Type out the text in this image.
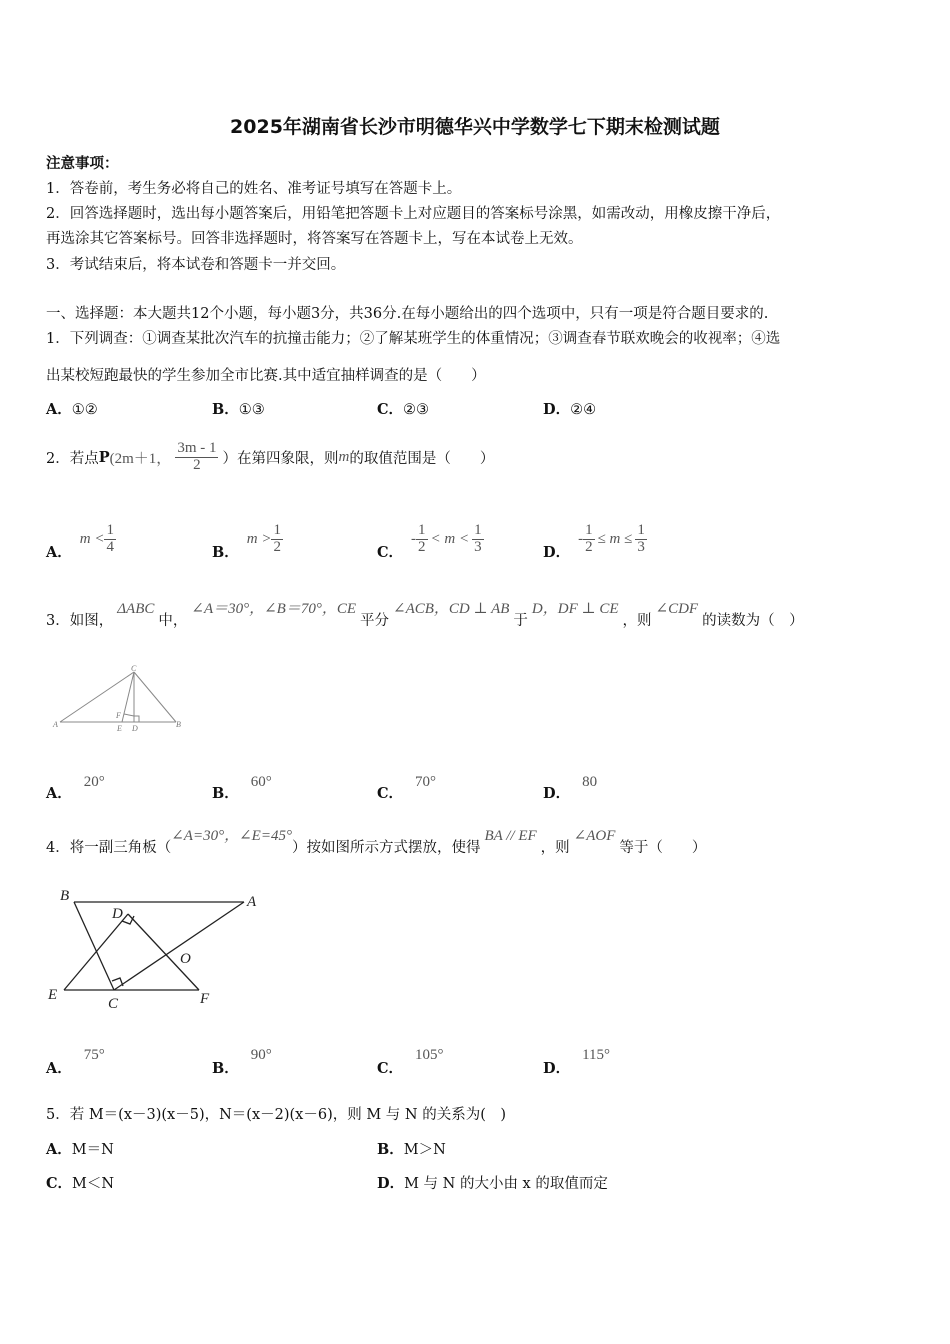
2025年湖南省长沙市明德华兴中学数学七下期末检测试题
注意事项：
1．答卷前，考生务必将自己的姓名、准考证号填写在答题卡上。
2．回答选择题时，选出每小题答案后，用铅笔把答题卡上对应题目的答案标号涂黑，如需改动，用橡皮擦干净后，
再选涂其它答案标号。回答非选择题时，将答案写在答题卡上，写在本试卷上无效。
3．考试结束后，将本试卷和答题卡一并交回。
一、选择题：本大题共12个小题，每小题3分，共36分.在每小题给出的四个选项中，只有一项是符合题目要求的.
1．下列调查：①调查某批次汽车的抗撞击能力；②了解某班学生的体重情况；③调查春节联欢晚会的收视率；④选
出某校短跑最快的学生参加全市比赛.其中适宜抽样调查的是（　　）
A．①②	B．①③	C．②③	D．②④
2．若点 P (2m＋1， $\frac{3m - 1}{2}$ ）在第四象限，则 m 的取值范围是（　　）
A．
$m < \frac{1}{4}$	B．
$m > \frac{1}{2}$	C．
- $\frac{1}{2} < m < \frac{1}{3}$	D．
- $\frac{1}{2} \le m \le \frac{1}{3}$
3．如图，
ΔABC
中，
∠A＝30°，∠B＝70°，CE
平分
∠ACB，CD ⊥ AB
于
D，DF ⊥ CE
，则
∠CDF
的读数为（　）
C
A	B
E D
F
A．20°
B．60°
C．70°
D．80
4．将一副三角板（
∠A=30°，∠E=45°
）按如图所示方式摆放，使得
BA // EF
，则
∠AOF
等于（　　）
B	A
D
O
E
C	F
A．75°
B．90°
C．105°
D．115°
5．若 M＝(x－3)(x－5)，N＝(x－2)(x－6)，则 M 与 N 的关系为(　)
A．M＝N	B．M＞N
C．M＜N	D．M 与 N 的大小由 x 的取值而定
